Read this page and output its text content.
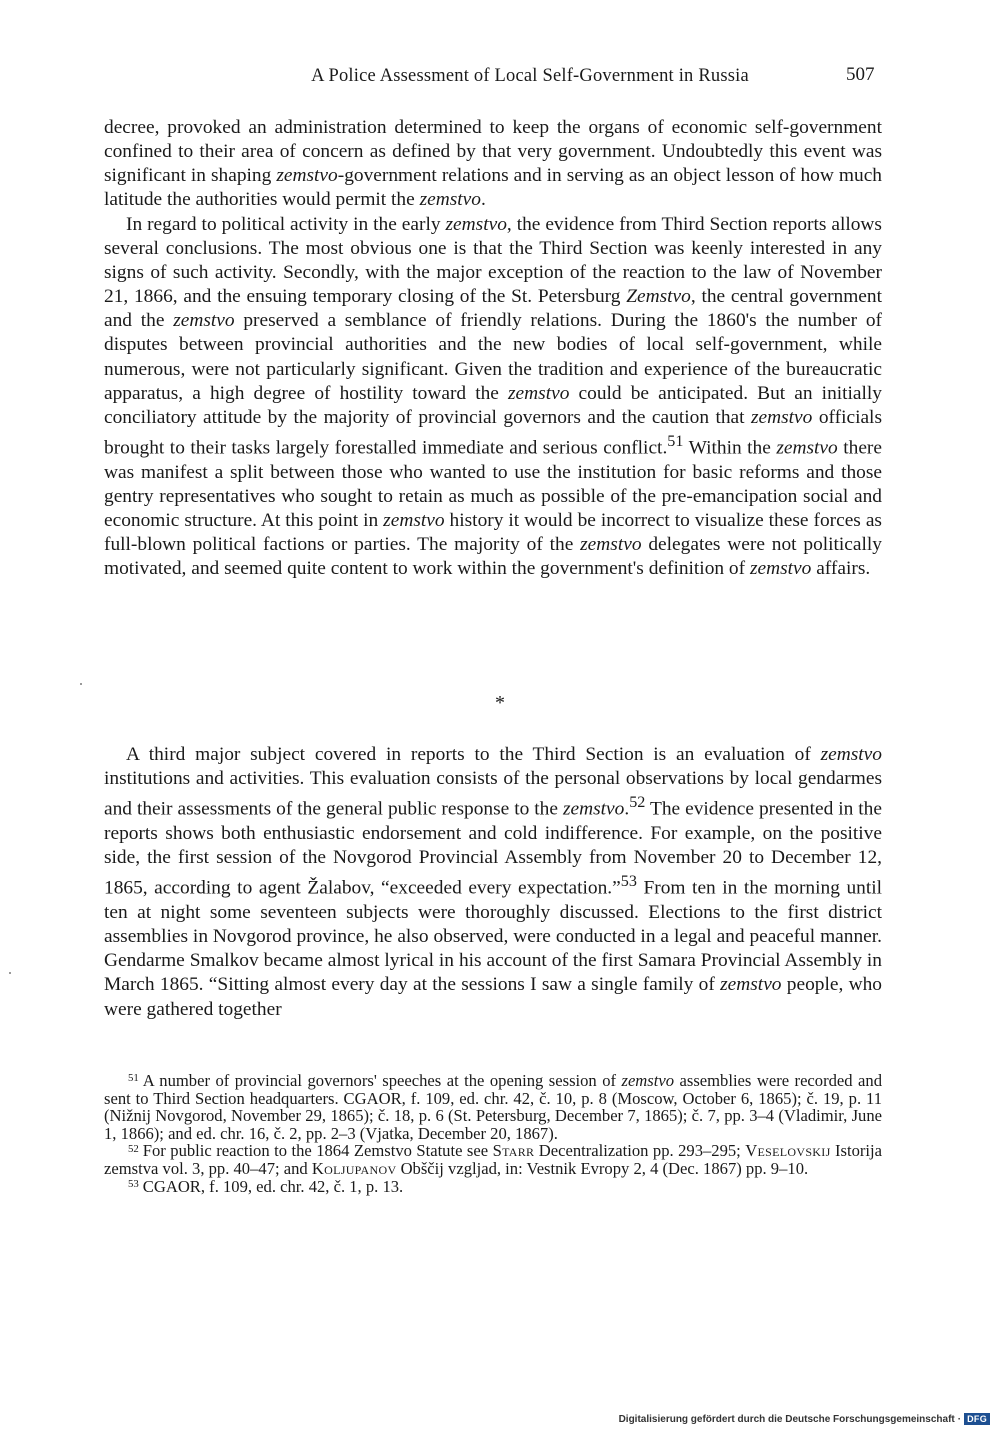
A Police Assessment of Local Self-Government in Russia	507

decree, provoked an administration determined to keep the organs of economic self-government confined to their area of concern as defined by that very government. Undoubtedly this event was significant in shaping zemstvo-government relations and in serving as an object lesson of how much latitude the authorities would permit the zemstvo.

In regard to political activity in the early zemstvo, the evidence from Third Section reports allows several conclusions. The most obvious one is that the Third Section was keenly interested in any signs of such activity. Secondly, with the major exception of the reaction to the law of November 21, 1866, and the ensuing temporary closing of the St. Petersburg Zemstvo, the central government and the zemstvo preserved a semblance of friendly relations. During the 1860's the number of disputes between provincial authorities and the new bodies of local self-government, while numerous, were not particularly significant. Given the tradition and experience of the bureaucratic apparatus, a high degree of hostility toward the zemstvo could be anticipated. But an initially conciliatory attitude by the majority of provincial governors and the caution that zemstvo officials brought to their tasks largely forestalled immediate and serious conflict.$^{51}$ Within the zemstvo there was manifest a split between those who wanted to use the institution for basic reforms and those gentry representatives who sought to retain as much as possible of the pre-emancipation social and economic structure. At this point in zemstvo history it would be incorrect to visualize these forces as full-blown political factions or parties. The majority of the zemstvo delegates were not politically motivated, and seemed quite content to work within the government's definition of zemstvo affairs.

*

A third major subject covered in reports to the Third Section is an evaluation of zemstvo institutions and activities. This evaluation consists of the personal observations by local gendarmes and their assessments of the general public response to the zemstvo.$^{52}$ The evidence presented in the reports shows both enthusiastic endorsement and cold indifference. For example, on the positive side, the first session of the Novgorod Provincial Assembly from November 20 to December 12, 1865, according to agent Žalabov, “exceeded every expectation.”$^{53}$ From ten in the morning until ten at night some seventeen subjects were thoroughly discussed. Elections to the first district assemblies in Novgorod province, he also observed, were conducted in a legal and peaceful manner. Gendarme Smalkov became almost lyrical in his account of the first Samara Provincial Assembly in March 1865. “Sitting almost every day at the sessions I saw a single family of zemstvo people, who were gathered together

$^{51}$ A number of provincial governors' speeches at the opening session of zemstvo assemblies were recorded and sent to Third Section headquarters. CGAOR, f. 109, ed. chr. 42, č. 10, p. 8 (Moscow, October 6, 1865); č. 19, p. 11 (Nižnij Novgorod, November 29, 1865); č. 18, p. 6 (St. Petersburg, December 7, 1865); č. 7, pp. 3–4 (Vladimir, June 1, 1866); and ed. chr. 16, č. 2, pp. 2–3 (Vjatka, December 20, 1867).

$^{52}$ For public reaction to the 1864 Zemstvo Statute see Starr Decentralization pp. 293–295; Veselovskij Istorija zemstva vol. 3, pp. 40–47; and Koljupanov Obščij vzgljad, in: Vestnik Evropy 2, 4 (Dec. 1867) pp. 9–10.

$^{53}$ CGAOR, f. 109, ed. chr. 42, č. 1, p. 13.

Digitalisierung gefördert durch die Deutsche Forschungsgemeinschaft · DFG
